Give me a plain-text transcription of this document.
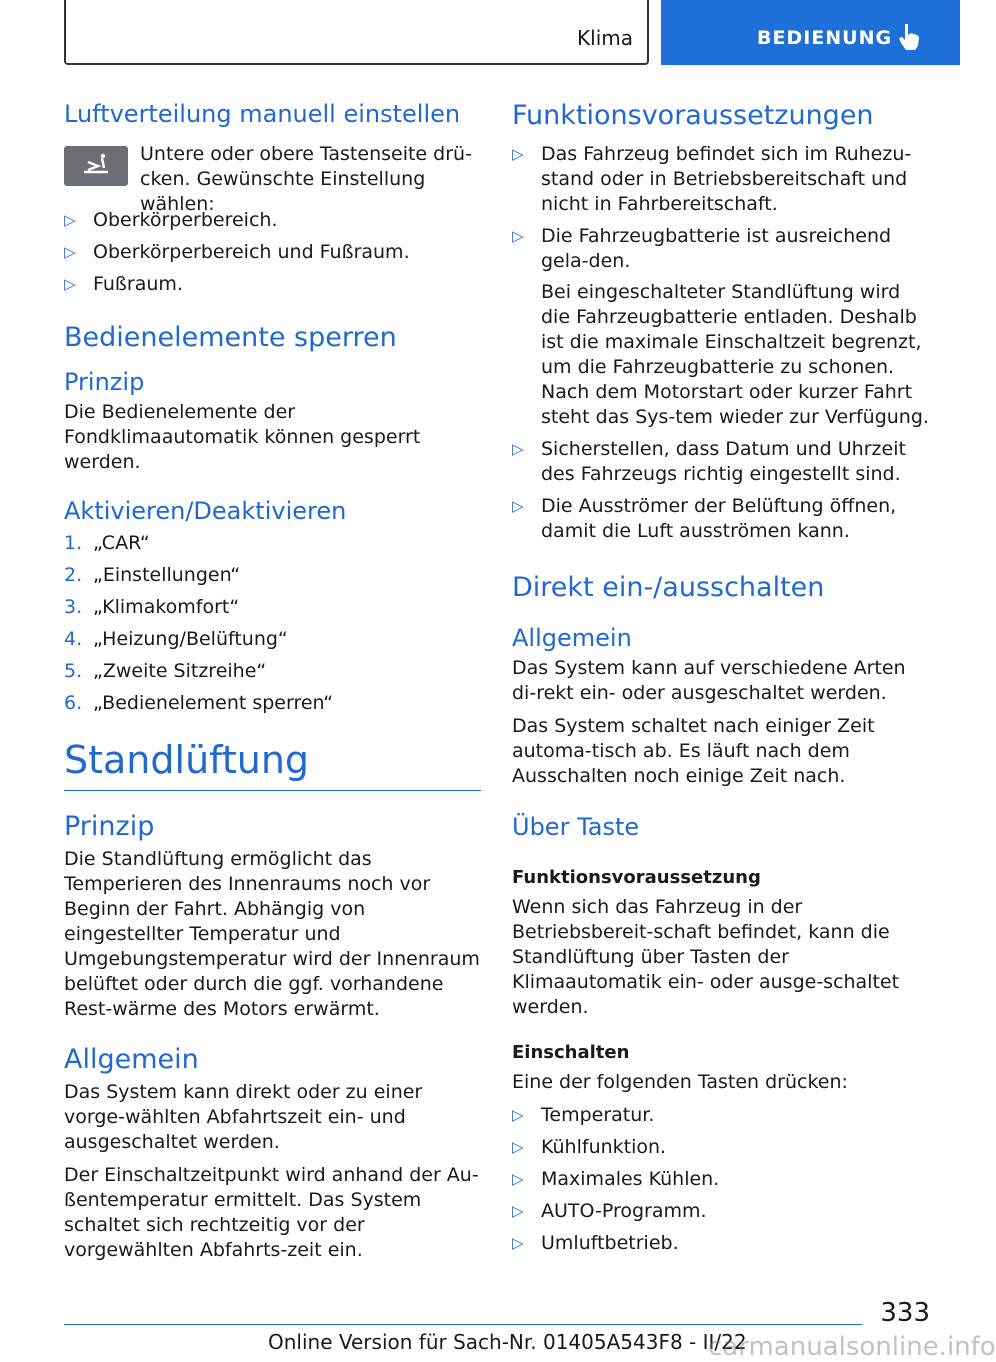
Klima	BEDIENUNG
Luftverteilung manuell einstellen
Untere oder obere Tastenseite drü-cken. Gewünschte Einstellung wählen:
▷ Oberkörperbereich.
▷ Oberkörperbereich und Fußraum.
▷ Fußraum.
Bedienelemente sperren
Prinzip

Die Bedienelemente der Fondklimaautomatik können gesperrt werden.

Aktivieren/Deaktivieren
1. „CAR“
2. „Einstellungen“
3. „Klimakomfort“
4. „Heizung/Belüftung“
5. „Zweite Sitzreihe“
6. „Bedienelement sperren“
Standlüftung
Prinzip

Die Standlüftung ermöglicht das Temperieren des Innenraums noch vor Beginn der Fahrt. Abhängig von eingestellter Temperatur und Umgebungstemperatur wird der Innenraum belüftet oder durch die ggf. vorhandene Rest-wärme des Motors erwärmt.

Allgemein

Das System kann direkt oder zu einer vorge-wählten Abfahrtszeit ein- und ausgeschaltet werden.

Der Einschaltzeitpunkt wird anhand der Au-ßentemperatur ermittelt. Das System schaltet sich rechtzeitig vor der vorgewählten Abfahrts-zeit ein.

Funktionsvoraussetzungen
▷ Das Fahrzeug befindet sich im Ruhezu-stand oder in Betriebsbereitschaft und nicht in Fahrbereitschaft.
▷ Die Fahrzeugbatterie ist ausreichend gela-den.

Bei eingeschalteter Standlüftung wird die Fahrzeugbatterie entladen. Deshalb ist die maximale Einschaltzeit begrenzt, um die Fahrzeugbatterie zu schonen. Nach dem Motorstart oder kurzer Fahrt steht das Sys-tem wieder zur Verfügung.

▷ Sicherstellen, dass Datum und Uhrzeit des Fahrzeugs richtig eingestellt sind.
▷ Die Ausströmer der Belüftung öffnen, damit die Luft ausströmen kann.
Direkt ein-/ausschalten
Allgemein

Das System kann auf verschiedene Arten di-rekt ein- oder ausgeschaltet werden.

Das System schaltet nach einiger Zeit automa-tisch ab. Es läuft nach dem Ausschalten noch einige Zeit nach.

Über Taste
Funktionsvoraussetzung

Wenn sich das Fahrzeug in der Betriebsbereit-schaft befindet, kann die Standlüftung über Tasten der Klimaautomatik ein- oder ausge-schaltet werden.

Einschalten

Eine der folgenden Tasten drücken:

▷ Temperatur.
▷ Kühlfunktion.
▷ Maximales Kühlen.
▷ AUTO-Programm.
▷ Umluftbetrieb.
333
Online Version für Sach-Nr. 01405A543F8 - II/22
carmanualsonline.info
